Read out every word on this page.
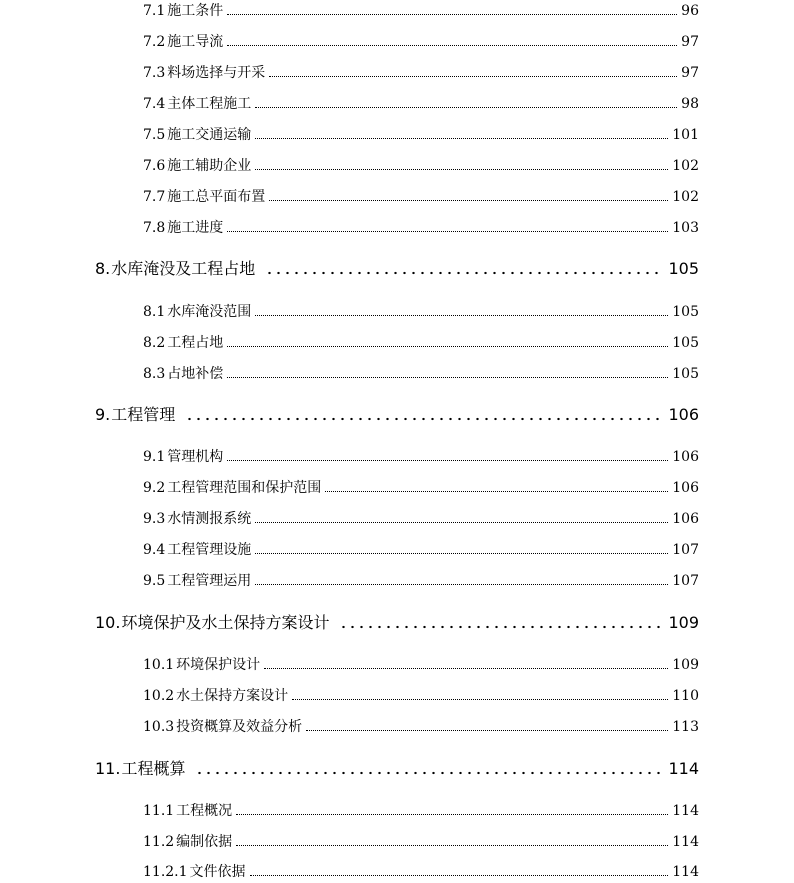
7.1 施工条件	96
7.2 施工导流	97
7.3 料场选择与开采	97
7.4 主体工程施工	98
7.5 施工交通运输	101
7.6 施工辅助企业	102
7.7 施工总平面布置	102
7.8 施工进度	103
8. 水库淹没及工程占地	105
8.1 水库淹没范围	105
8.2 工程占地	105
8.3 占地补偿	105
9. 工程管理	106
9.1 管理机构	106
9.2 工程管理范围和保护范围	106
9.3 水情测报系统	106
9.4 工程管理设施	107
9.5 工程管理运用	107
10. 环境保护及水土保持方案设计	109
10.1 环境保护设计	109
10.2 水土保持方案设计	110
10.3 投资概算及效益分析	113
11. 工程概算	114
11.1 工程概况	114
11.2 编制依据	114
11.2.1 文件依据	114
